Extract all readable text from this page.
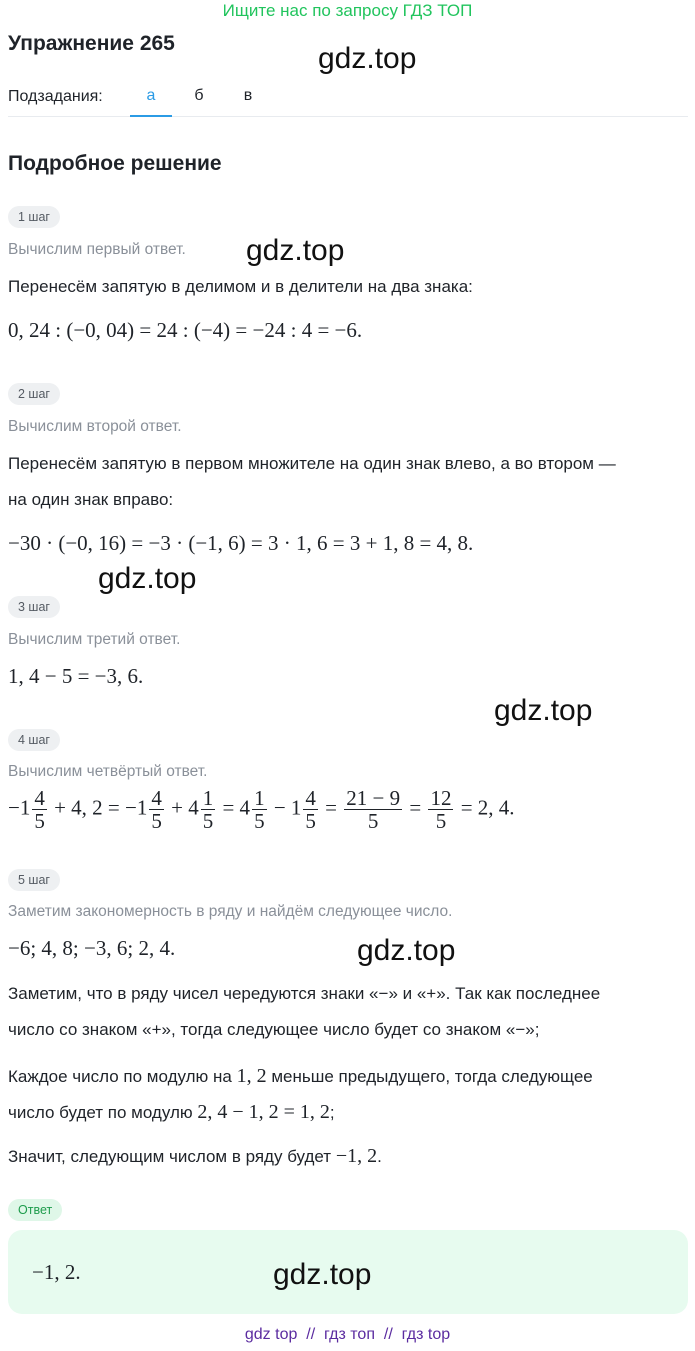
Ищите нас по запросу ГДЗ ТОП
Упражнение 265	gdz.top
Подзадания:	а	б	в
Подробное решение
1 шаг
Вычислим первый ответ. gdz.top
Перенесём запятую в делимом и в делители на два знака:
0, 24 : (−0, 04) = 24 : (−4) = −24 : 4 = −6.
2 шаг
Вычислим второй ответ.
Перенесём запятую в первом множителе на один знак влево, а во втором —
на один знак вправо:
−30 · (−0, 16) = −3 · (−1, 6) = 3 · 1, 6 = 3 + 1, 8 = 4, 8.
gdz.top
3 шаг
Вычислим третий ответ.
1, 4 − 5 = −3, 6.
gdz.top
4 шаг
Вычислим четвёртый ответ.
$-1 \frac{4}{5} + 4$, $2 = -1 \frac{4}{5} + 4 \frac{1}{5} = 4 \frac{1}{5} - 1 \frac{4}{5} = \frac{21 - 9}{5} = \frac{12}{5} = 2$, 4.
5 шаг
Заметим закономерность в ряду и найдём следующее число.
−6; 4, 8; −3, 6; 2, 4.	gdz.top
Заметим, что в ряду чисел чередуются знаки «−» и «+». Так как последнее
число со знаком «+», тогда следующее число будет со знаком «−»;
Каждое число по модулю на 1, 2 меньше предыдущего, тогда следующее
число будет по модулю 2, 4 − 1, 2 = 1, 2;
Значит, следующим числом в ряду будет −1, 2.
Ответ
−1, 2.	gdz.top
gdz top  //  гдз топ  //  гдз top
